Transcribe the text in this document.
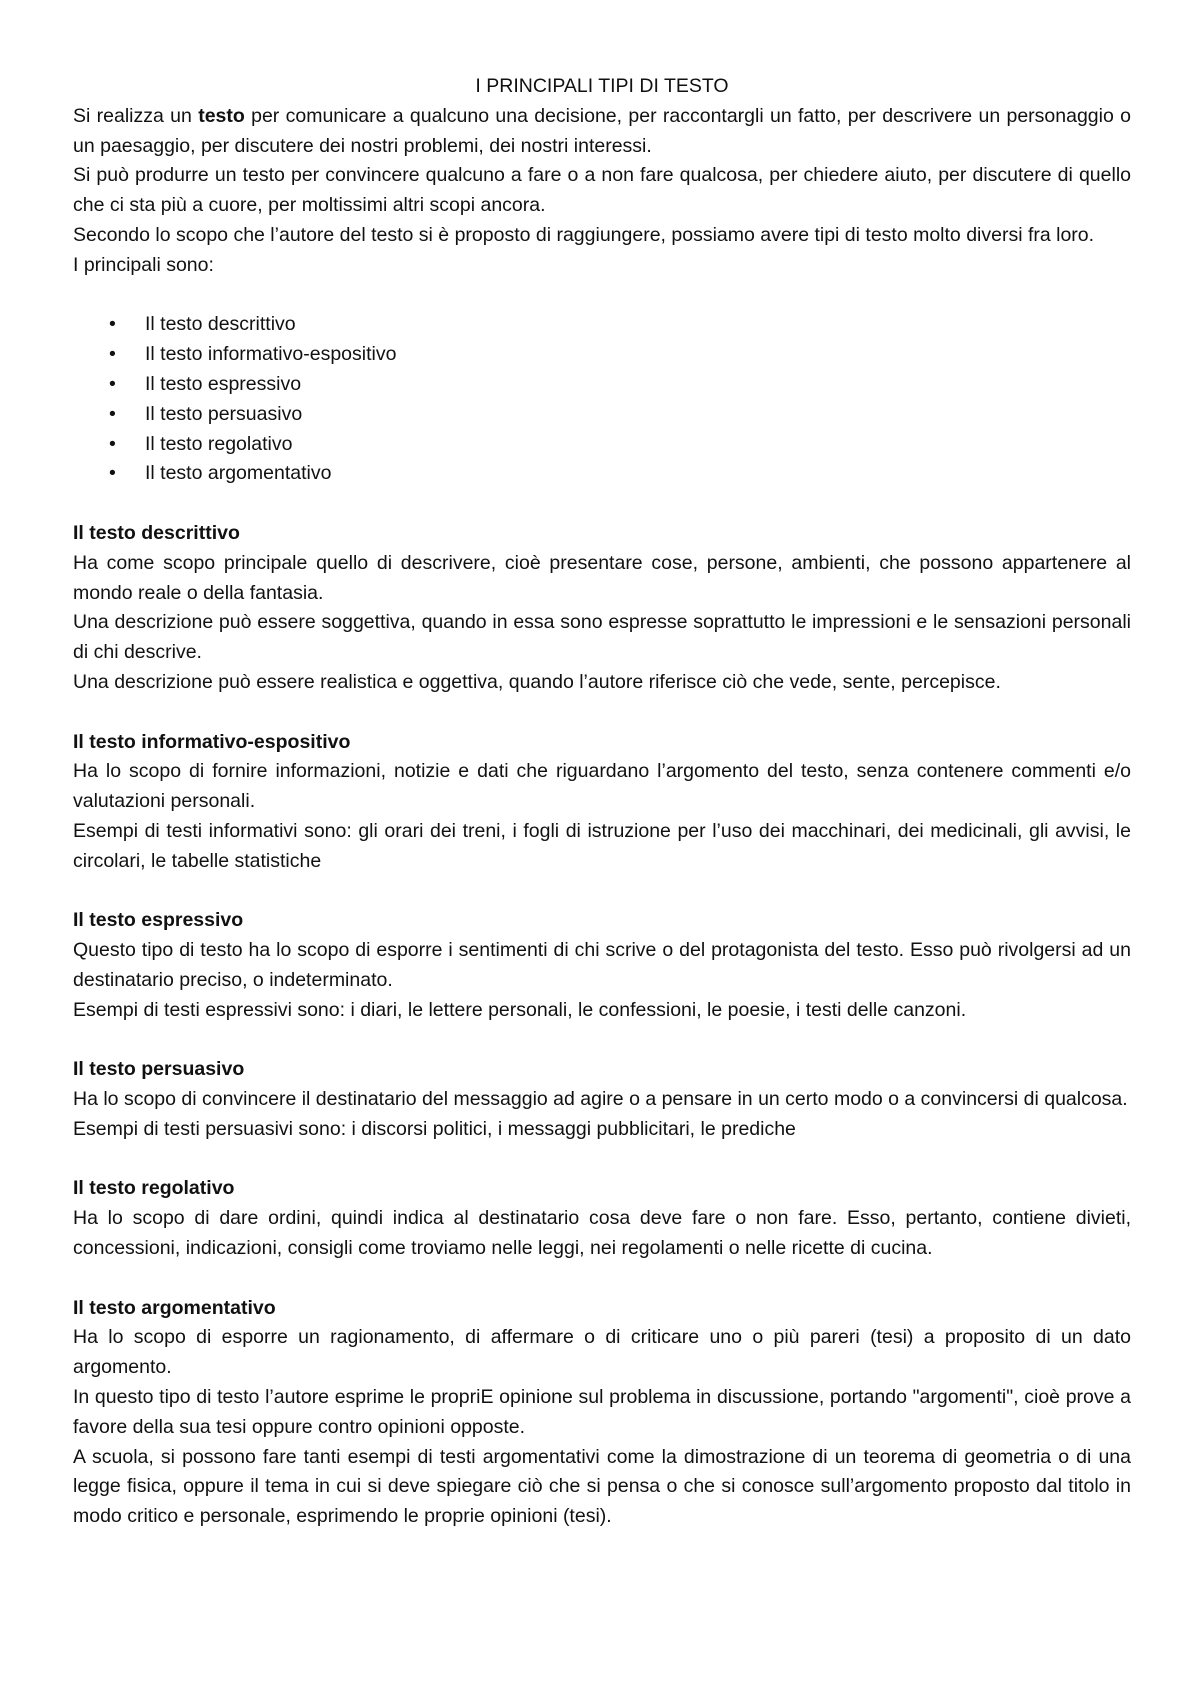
I PRINCIPALI TIPI DI TESTO

Si realizza un testo per comunicare a qualcuno una decisione, per raccontargli un fatto, per descrivere un personaggio o un paesaggio, per discutere dei nostri problemi, dei nostri interessi.

Si può produrre un testo per convincere qualcuno a fare o a non fare qualcosa, per chiedere aiuto, per discutere di quello che ci sta più a cuore, per moltissimi altri scopi ancora.

Secondo lo scopo che l’autore del testo si è proposto di raggiungere, possiamo avere tipi di testo molto diversi fra loro.

I principali sono:

•	Il testo descrittivo
•	Il testo informativo-espositivo
•	Il testo espressivo
•	Il testo persuasivo
•	Il testo regolativo
•	Il testo argomentativo
Il testo descrittivo

Ha come scopo principale quello di descrivere, cioè presentare cose, persone, ambienti, che possono appartenere al mondo reale o della fantasia.

Una descrizione può essere soggettiva, quando in essa sono espresse soprattutto le impressioni e le sensazioni personali di chi descrive.

Una descrizione può essere realistica e oggettiva, quando l’autore riferisce ciò che vede, sente, percepisce.

Il testo informativo-espositivo

Ha lo scopo di fornire informazioni, notizie e dati che riguardano l’argomento del testo, senza contenere commenti e/o valutazioni personali.

Esempi di testi informativi sono: gli orari dei treni, i fogli di istruzione per l’uso dei macchinari, dei medicinali, gli avvisi, le circolari, le tabelle statistiche

Il testo espressivo

Questo tipo di testo ha lo scopo di esporre i sentimenti di chi scrive o del protagonista del testo. Esso può rivolgersi ad un destinatario preciso, o indeterminato.

Esempi di testi espressivi sono: i diari, le lettere personali, le confessioni, le poesie, i testi delle canzoni.

Il testo persuasivo

Ha lo scopo di convincere il destinatario del messaggio ad agire o a pensare in un certo modo o a convincersi di qualcosa.

Esempi di testi persuasivi sono: i discorsi politici, i messaggi pubblicitari, le prediche

Il testo regolativo

Ha lo scopo di dare ordini, quindi indica al destinatario cosa deve fare o non fare. Esso, pertanto, contiene divieti, concessioni, indicazioni, consigli come troviamo nelle leggi, nei regolamenti o nelle ricette di cucina.

Il testo argomentativo

Ha lo scopo di esporre un ragionamento, di affermare o di criticare uno o più pareri (tesi) a proposito di un dato argomento.

In questo tipo di testo l’autore esprime le propriE opinione sul problema in discussione, portando "argomenti", cioè prove a favore della sua tesi oppure contro opinioni opposte.

A scuola, si possono fare tanti esempi di testi argomentativi come la dimostrazione di un teorema di geometria o di una legge fisica, oppure il tema in cui si deve spiegare ciò che si pensa o che si conosce sull’argomento proposto dal titolo in modo critico e personale, esprimendo le proprie opinioni (tesi).
